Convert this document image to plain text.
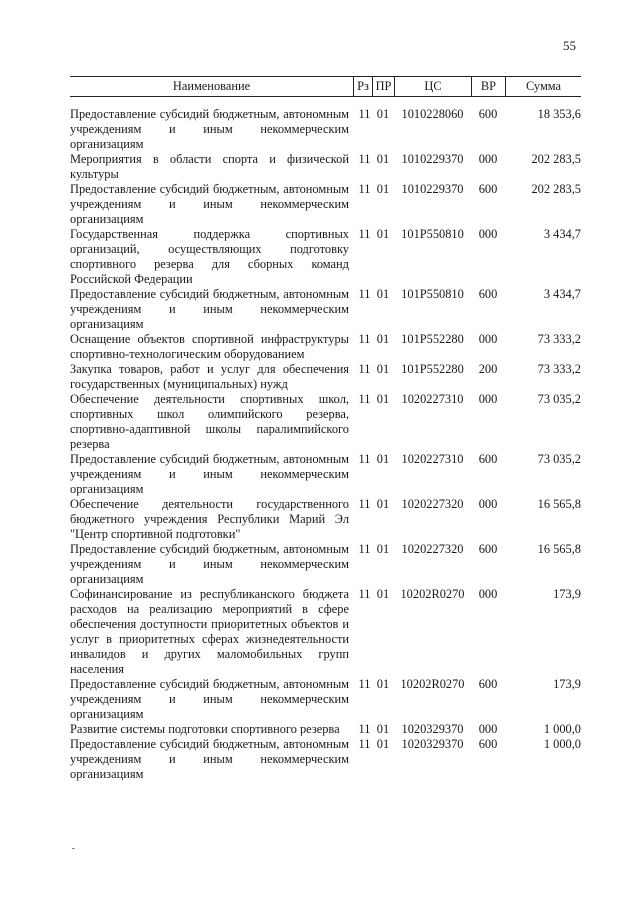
55
Наименование	Рз ПР	ЦС	ВР	Сумма
Предоставление субсидий бюджетным, автономным учреждениям и иным некоммерческим организациям
11 01 1010228060	600	18 353,6
Мероприятия в области спорта и физической культуры
11 01 1010229370	000	202 283,5
Предоставление субсидий бюджетным, автономным учреждениям и иным некоммерческим организациям
11 01 1010229370	600	202 283,5
Государственная поддержка спортивных организаций, осуществляющих подготовку спортивного резерва для сборных команд Российской Федерации
11 01 101P550810	000	3 434,7
Предоставление субсидий бюджетным, автономным учреждениям и иным некоммерческим организациям
11 01 101P550810	600	3 434,7
Оснащение объектов спортивной инфраструктуры спортивно-технологическим оборудованием
11 01 101P552280	000	73 333,2
Закупка товаров, работ и услуг для обеспечения государственных (муниципальных) нужд
11 01 101P552280	200	73 333,2
Обеспечение деятельности спортивных школ, спортивных школ олимпийского резерва, спортивно-адаптивной школы паралимпийского резерва
11 01 1020227310	000	73 035,2
Предоставление субсидий бюджетным, автономным учреждениям и иным некоммерческим организациям
11 01 1020227310	600	73 035,2
Обеспечение деятельности государственного бюджетного учреждения Республики Марий Эл "Центр спортивной подготовки"
11 01 1020227320	000	16 565,8
Предоставление субсидий бюджетным, автономным учреждениям и иным некоммерческим организациям
11 01 1020227320	600	16 565,8
Софинансирование из республиканского бюджета расходов на реализацию мероприятий в сфере обеспечения доступности приоритетных объектов и услуг в приоритетных сферах жизнедеятельности инвалидов и других маломобильных групп населения
11 01 10202R0270	000	173,9
Предоставление субсидий бюджетным, автономным учреждениям и иным некоммерческим организациям
11 01 10202R0270	600	173,9
Развитие системы подготовки спортивного резерва	11 01 1020329370	000	1 000,0
Предоставление субсидий бюджетным, автономным учреждениям и иным некоммерческим организациям
11 01 1020329370	600	1 000,0
